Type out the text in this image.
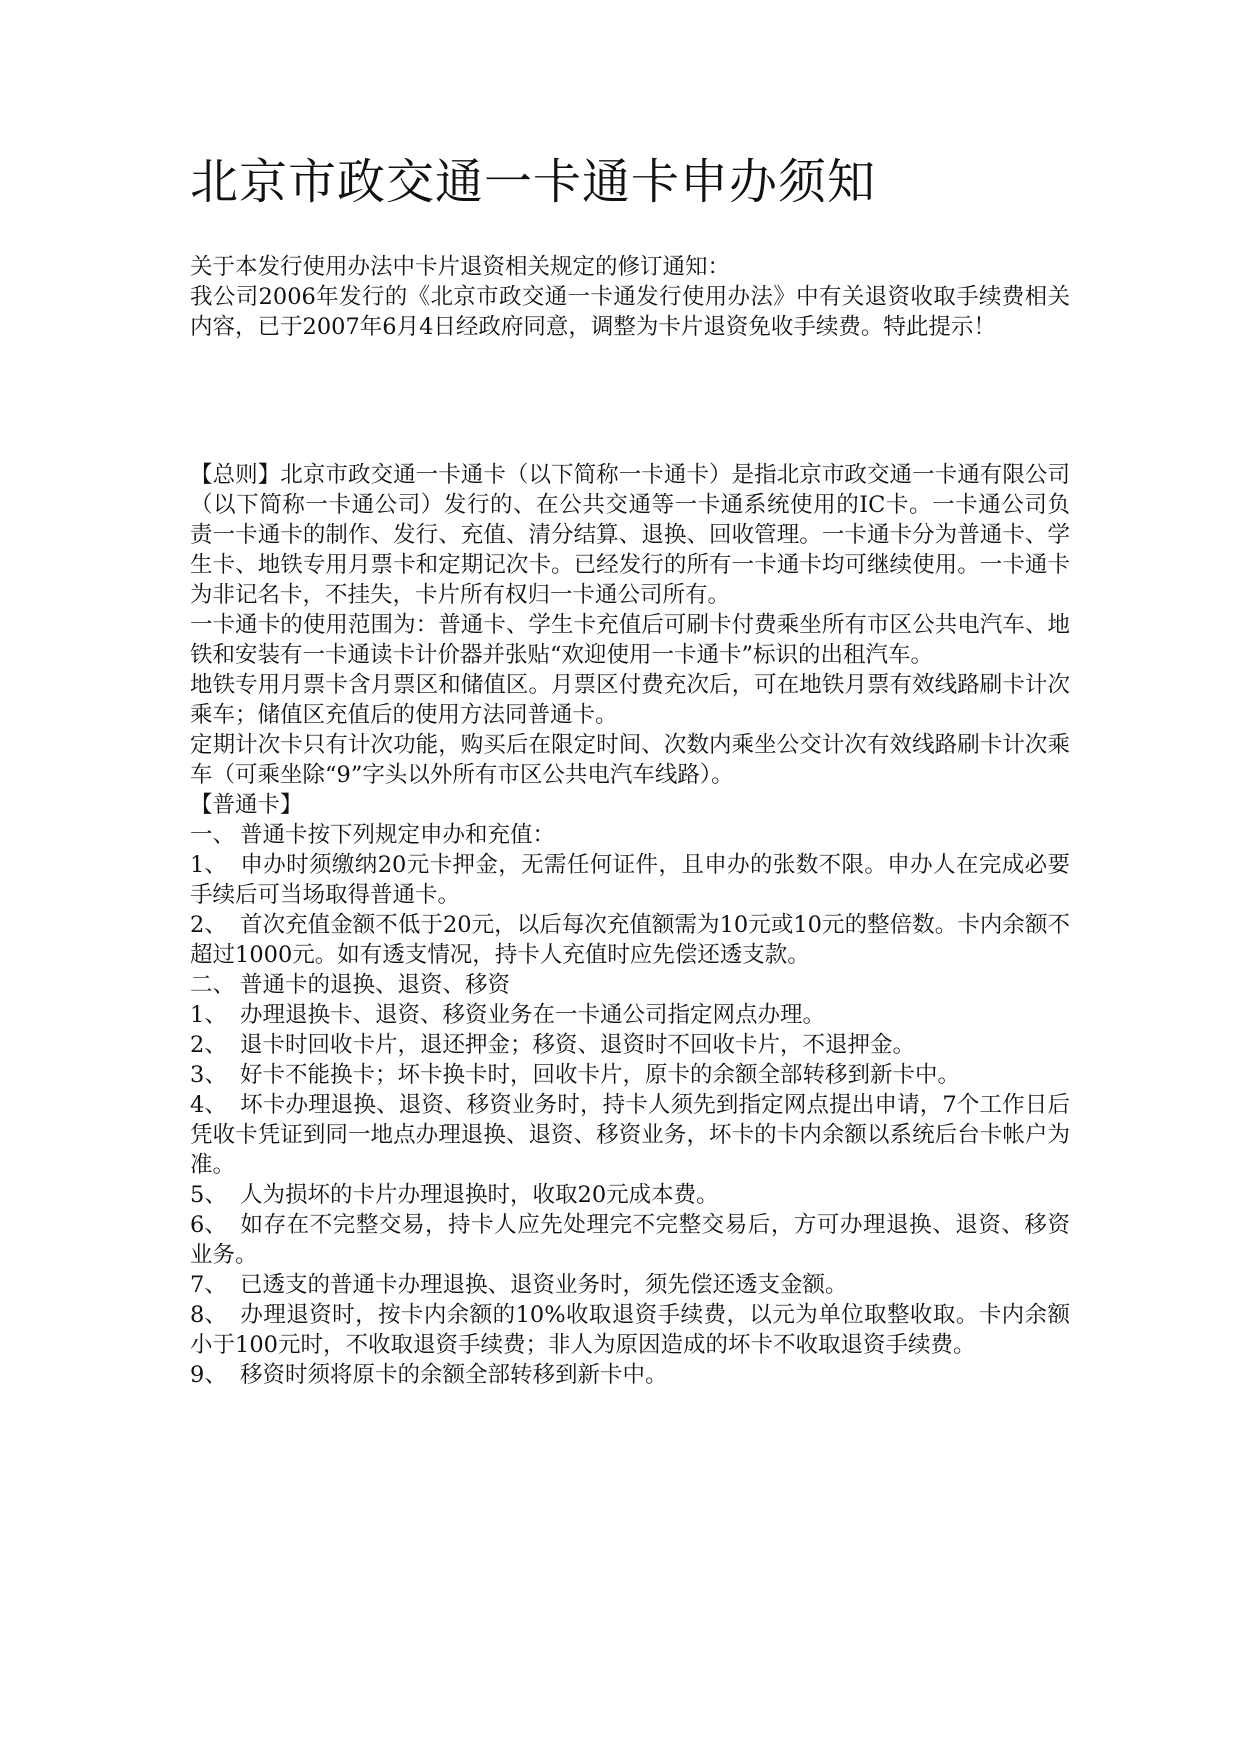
北京市政交通一卡通卡申办须知

关于本发行使用办法中卡片退资相关规定的修订通知：

我公司2006年发行的《北京市政交通一卡通发行使用办法》中有关退资收取手续费相关内容，已于2007年6月4日经政府同意，调整为卡片退资免收手续费。特此提示！

【总则】北京市政交通一卡通卡（以下简称一卡通卡）是指北京市政交通一卡通有限公司（以下简称一卡通公司）发行的、在公共交通等一卡通系统使用的IC卡。一卡通公司负责一卡通卡的制作、发行、充值、清分结算、退换、回收管理。一卡通卡分为普通卡、学生卡、地铁专用月票卡和定期记次卡。已经发行的所有一卡通卡均可继续使用。一卡通卡为非记名卡，不挂失，卡片所有权归一卡通公司所有。

一卡通卡的使用范围为：普通卡、学生卡充值后可刷卡付费乘坐所有市区公共电汽车、地铁和安装有一卡通读卡计价器并张贴“欢迎使用一卡通卡”标识的出租汽车。

地铁专用月票卡含月票区和储值区。月票区付费充次后，可在地铁月票有效线路刷卡计次乘车；储值区充值后的使用方法同普通卡。

定期计次卡只有计次功能，购买后在限定时间、次数内乘坐公交计次有效线路刷卡计次乘车（可乘坐除“9”字头以外所有市区公共电汽车线路）。

【普通卡】

一、 普通卡按下列规定申办和充值：

1、 申办时须缴纳20元卡押金，无需任何证件，且申办的张数不限。申办人在完成必要手续后可当场取得普通卡。

2、 首次充值金额不低于20元，以后每次充值额需为10元或10元的整倍数。卡内余额不超过1000元。如有透支情况，持卡人充值时应先偿还透支款。

二、 普通卡的退换、退资、移资

1、 办理退换卡、退资、移资业务在一卡通公司指定网点办理。

2、 退卡时回收卡片，退还押金；移资、退资时不回收卡片，不退押金。

3、 好卡不能换卡；坏卡换卡时，回收卡片，原卡的余额全部转移到新卡中。

4、 坏卡办理退换、退资、移资业务时，持卡人须先到指定网点提出申请，7个工作日后凭收卡凭证到同一地点办理退换、退资、移资业务，坏卡的卡内余额以系统后台卡帐户为准。

5、 人为损坏的卡片办理退换时，收取20元成本费。

6、 如存在不完整交易，持卡人应先处理完不完整交易后，方可办理退换、退资、移资业务。

7、 已透支的普通卡办理退换、退资业务时，须先偿还透支金额。

8、 办理退资时，按卡内余额的10%收取退资手续费，以元为单位取整收取。卡内余额小于100元时，不收取退资手续费；非人为原因造成的坏卡不收取退资手续费。

9、 移资时须将原卡的余额全部转移到新卡中。
